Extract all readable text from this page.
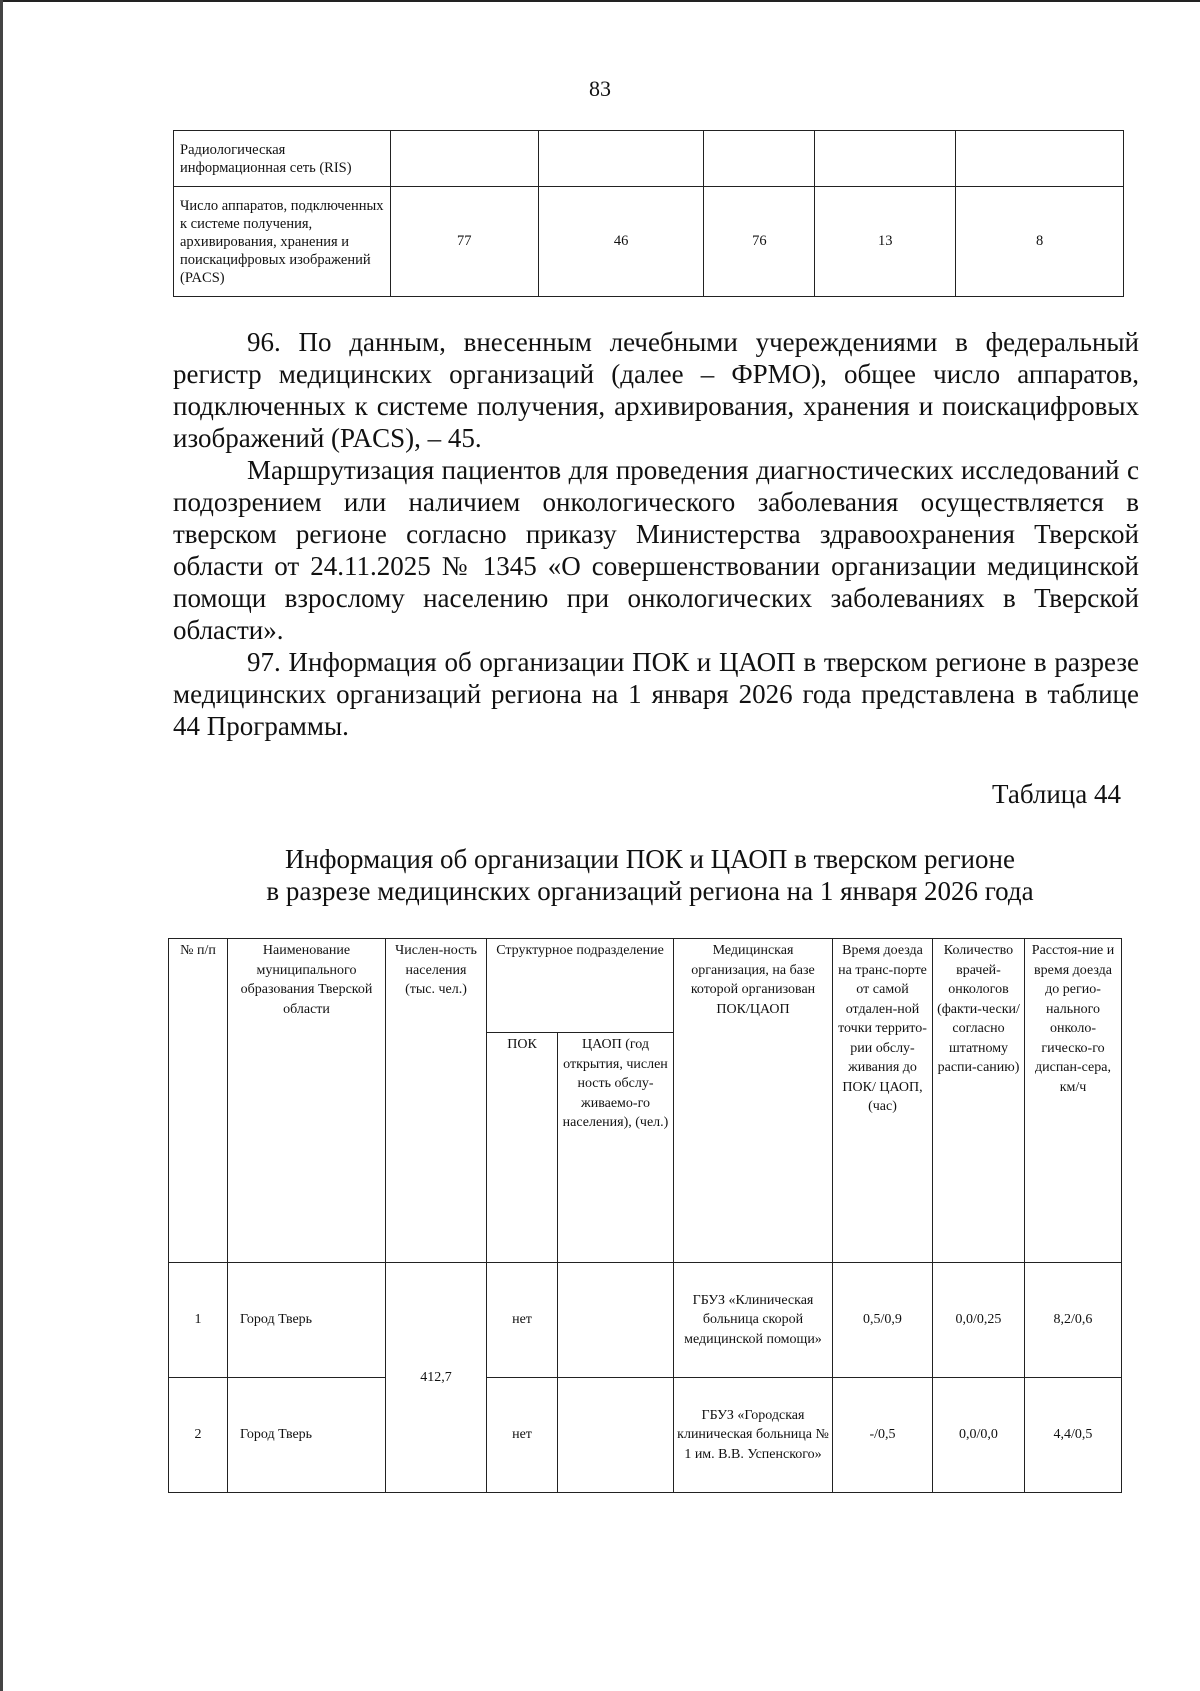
83
Радиологическая информационная сеть (RIS)					
Число аппаратов, подключенных к системе получения, архивирования, хранения и поискацифровых изображений (PACS)	77	46	76	13	8

96. По данным, внесенным лечебными учереждениями в федеральный регистр медицинских организаций (далее – ФРМО), общее число аппаратов, подключенных к системе получения, архивирования, хранения и поискацифровых изображений (PACS), – 45.

Маршрутизация пациентов для проведения диагностических исследований с подозрением или наличием онкологического заболевания осуществляется в тверском регионе согласно приказу Министерства здравоохранения Тверской области от 24.11.2025 № 1345 «О совершенствовании организации медицинской помощи взрослому населению при онкологических заболеваниях в Тверской области».

97. Информация об организации ПОК и ЦАОП в тверском регионе в разрезе медицинских организаций региона на 1 января 2026 года представлена в таблице 44 Программы.

Таблица 44
Информация об организации ПОК и ЦАОП в тверском регионе
в разрезе медицинских организаций региона на 1 января 2026 года
№ п/п	Наименование муниципального образования Тверской области	Числен-ность населения (тыс. чел.)	Структурное подразделение		Медицинская организация, на базе которой организован ПОК/ЦАОП	Время доезда на транс-порте от самой отдален-ной точки террито-рии обслу-живания до ПОК/ ЦАОП, (час)	Количество врачей-онкологов (факти-чески/ согласно штатному распи-санию)	Расстоя-ние и время доезда до регио-нального онколо-гическо-го диспан-сера, км/ч
			ПОК	ЦАОП (год открытия, числен ность обслу-живаемо-го населения), (чел.)				
1	Город Тверь	412,7	нет		ГБУЗ «Клиническая больница скорой медицинской помощи»	0,5/0,9	0,0/0,25	8,2/0,6
2	Город Тверь		нет		ГБУЗ «Городская клиническая больница № 1 им. В.В. Успенского»	-/0,5	0,0/0,0	4,4/0,5
